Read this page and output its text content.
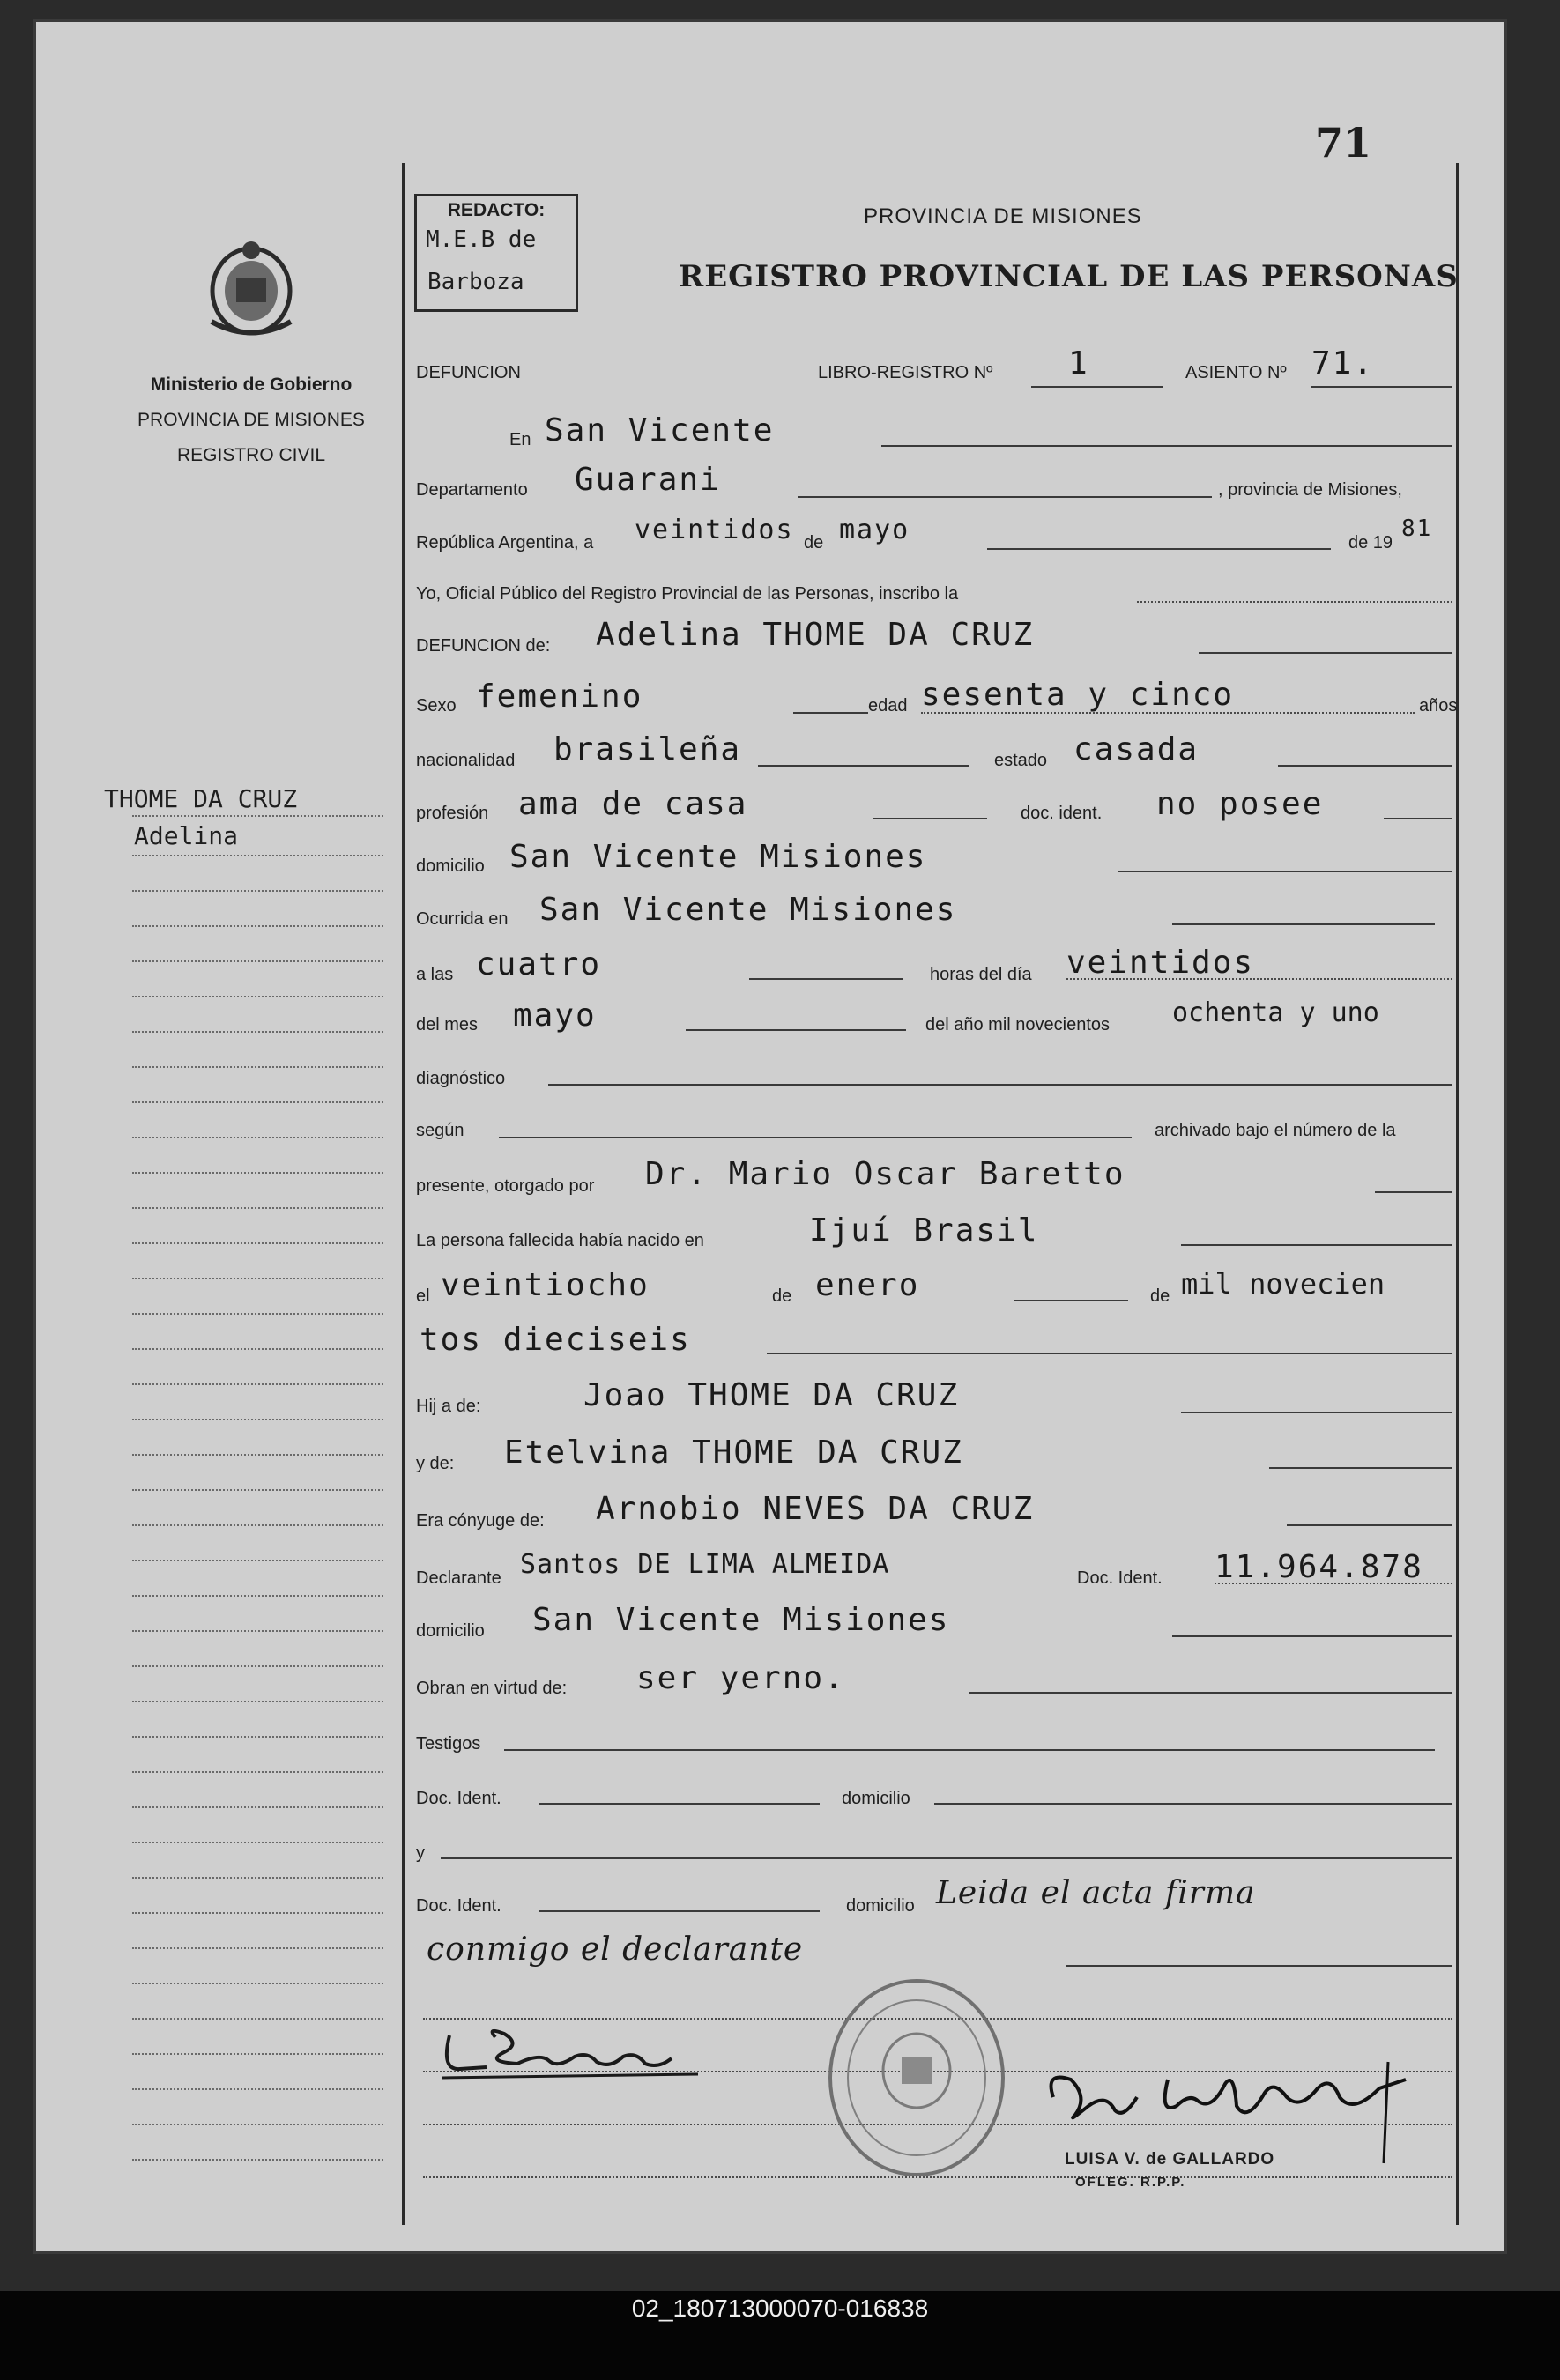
71
REDACTO:
M.E.B de
Barboza
PROVINCIA DE MISIONES
REGISTRO PROVINCIAL DE LAS PERSONAS
Ministerio de Gobierno
PROVINCIA DE MISIONES
REGISTRO CIVIL
THOME DA CRUZ
Adelina
DEFUNCION	LIBRO-REGISTRO Nº 1	ASIENTO Nº 71.
En San Vicente
Departamento Guarani	, provincia de Misiones,
República Argentina, a veintidos de mayo	de 19
81
Yo, Oficial Público del Registro Provincial de las Personas, inscribo la
DEFUNCION de: Adelina THOME DA CRUZ
Sexo femenino	edad sesenta y cinco	años
nacionalidad brasileña	estado casada
profesión ama de casa	doc. ident. no posee
domicilio San Vicente Misiones
Ocurrida en San Vicente Misiones
a las cuatro	horas del día veintidos
del mes mayo	del año mil novecientos ochenta y uno
diagnóstico
según	archivado bajo el número de la
presente, otorgado por Dr. Mario Oscar Baretto
La persona fallecida había nacido en	Ijuí Brasil
el veintiocho	de enero	de mil novecien
tos dieciseis
Hij a de:	Joao THOME DA CRUZ
y de: Etelvina THOME DA CRUZ
Era cónyuge de: Arnobio NEVES DA CRUZ
Declarante Santos DE LIMA ALMEIDA	Doc. Ident. 11.964.878
domicilio San Vicente Misiones
Obran en virtud de: ser yerno.
Testigos
Doc. Ident.	domicilio
y
Doc. Ident.	domicilio Leida el acta firma
conmigo el declarante
LUISA V. de GALLARDO
OFLEG. R.P.P.
02_180713000070-016838
